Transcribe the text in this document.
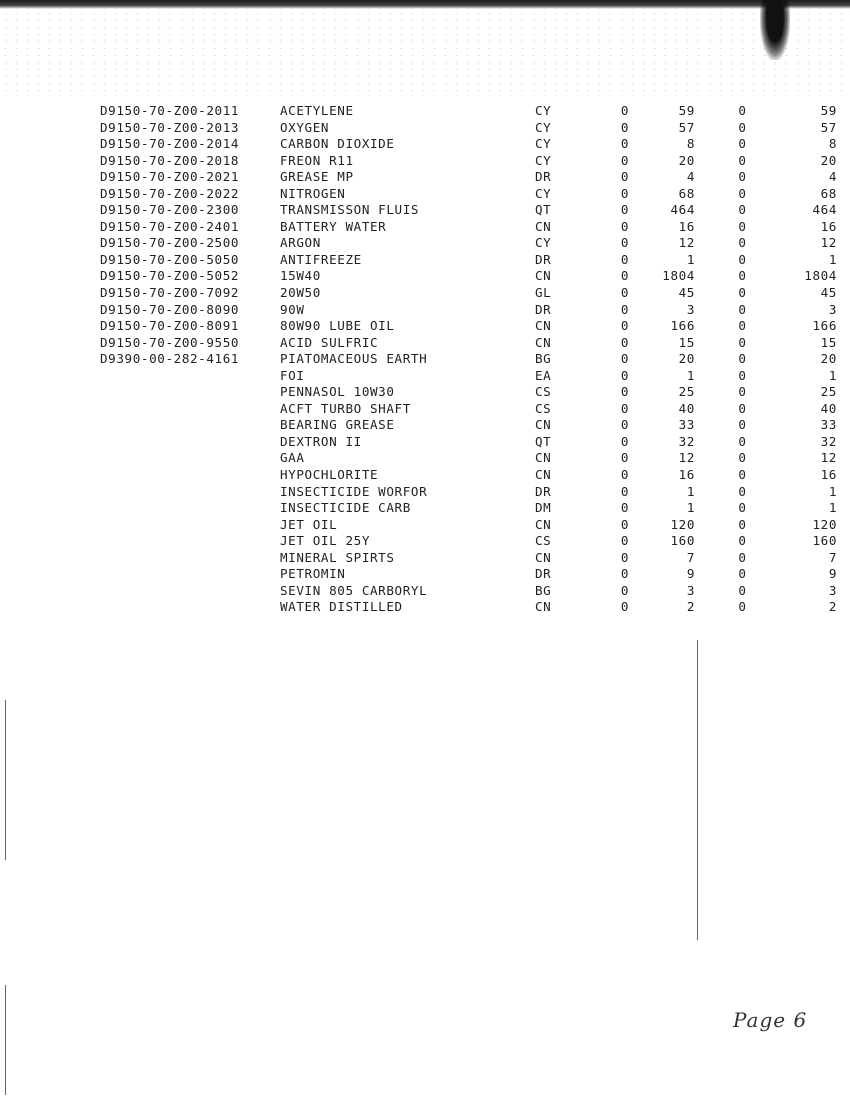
D9150-70-Z00-2011	ACETYLENE	CY	0	59	0	59
D9150-70-Z00-2013	OXYGEN	CY	0	57	0	57
D9150-70-Z00-2014	CARBON DIOXIDE	CY	0	8	0	8
D9150-70-Z00-2018	FREON R11	CY	0	20	0	20
D9150-70-Z00-2021	GREASE MP	DR	0	4	0	4
D9150-70-Z00-2022	NITROGEN	CY	0	68	0	68
D9150-70-Z00-2300	TRANSMISSON FLUIS	QT	0	464	0	464
D9150-70-Z00-2401	BATTERY WATER	CN	0	16	0	16
D9150-70-Z00-2500	ARGON	CY	0	12	0	12
D9150-70-Z00-5050	ANTIFREEZE	DR	0	1	0	1
D9150-70-Z00-5052	15W40	CN	0	1804	0	1804
D9150-70-Z00-7092	20W50	GL	0	45	0	45
D9150-70-Z00-8090	90W	DR	0	3	0	3
D9150-70-Z00-8091	80W90 LUBE OIL	CN	0	166	0	166
D9150-70-Z00-9550	ACID SULFRIC	CN	0	15	0	15
D9390-00-282-4161	PIATOMACEOUS EARTH	BG	0	20	0	20
	FOI	EA	0	1	0	1
	PENNASOL 10W30	CS	0	25	0	25
	ACFT TURBO SHAFT	CS	0	40	0	40
	BEARING GREASE	CN	0	33	0	33
	DEXTRON II	QT	0	32	0	32
	GAA	CN	0	12	0	12
	HYPOCHLORITE	CN	0	16	0	16
	INSECTICIDE WORFOR	DR	0	1	0	1
	INSECTICIDE CARB	DM	0	1	0	1
	JET OIL	CN	0	120	0	120
	JET OIL 25Y	CS	0	160	0	160
	MINERAL SPIRTS	CN	0	7	0	7
	PETROMIN	DR	0	9	0	9
	SEVIN 805 CARBORYL	BG	0	3	0	3
	WATER DISTILLED	CN	0	2	0	2
Page 6
